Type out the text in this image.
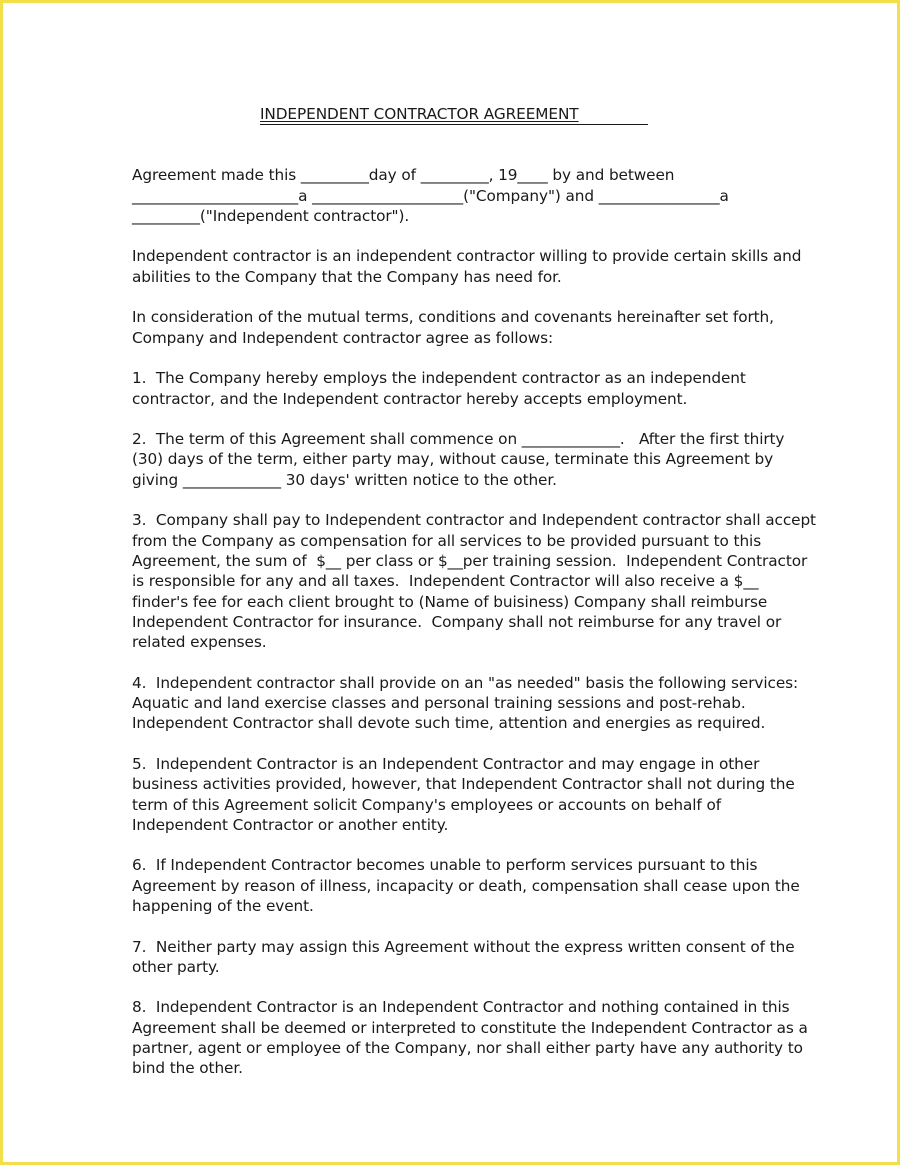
INDEPENDENT CONTRACTOR AGREEMENT
Agreement made this _________day of _________, 19____ by and between
______________________a ____________________("Company") and ________________a
_________("Independent contractor").
Independent contractor is an independent contractor willing to provide certain skills and
abilities to the Company that the Company has need for.
In consideration of the mutual terms, conditions and covenants hereinafter set forth,
Company and Independent contractor agree as follows:
1.  The Company hereby employs the independent contractor as an independent
contractor, and the Independent contractor hereby accepts employment.
2.  The term of this Agreement shall commence on _____________.   After the first thirty
(30) days of the term, either party may, without cause, terminate this Agreement by
giving _____________ 30 days' written notice to the other.
3.  Company shall pay to Independent contractor and Independent contractor shall accept
from the Company as compensation for all services to be provided pursuant to this
Agreement, the sum of  $__ per class or $__per training session.  Independent Contractor
is responsible for any and all taxes.  Independent Contractor will also receive a $__
finder's fee for each client brought to (Name of buisiness) Company shall reimburse
Independent Contractor for insurance.  Company shall not reimburse for any travel or
related expenses.
4.  Independent contractor shall provide on an "as needed" basis the following services:
Aquatic and land exercise classes and personal training sessions and post-rehab.
Independent Contractor shall devote such time, attention and energies as required.
5.  Independent Contractor is an Independent Contractor and may engage in other
business activities provided, however, that Independent Contractor shall not during the
term of this Agreement solicit Company's employees or accounts on behalf of
Independent Contractor or another entity.
6.  If Independent Contractor becomes unable to perform services pursuant to this
Agreement by reason of illness, incapacity or death, compensation shall cease upon the
happening of the event.
7.  Neither party may assign this Agreement without the express written consent of the
other party.
8.  Independent Contractor is an Independent Contractor and nothing contained in this
Agreement shall be deemed or interpreted to constitute the Independent Contractor as a
partner, agent or employee of the Company, nor shall either party have any authority to
bind the other.
